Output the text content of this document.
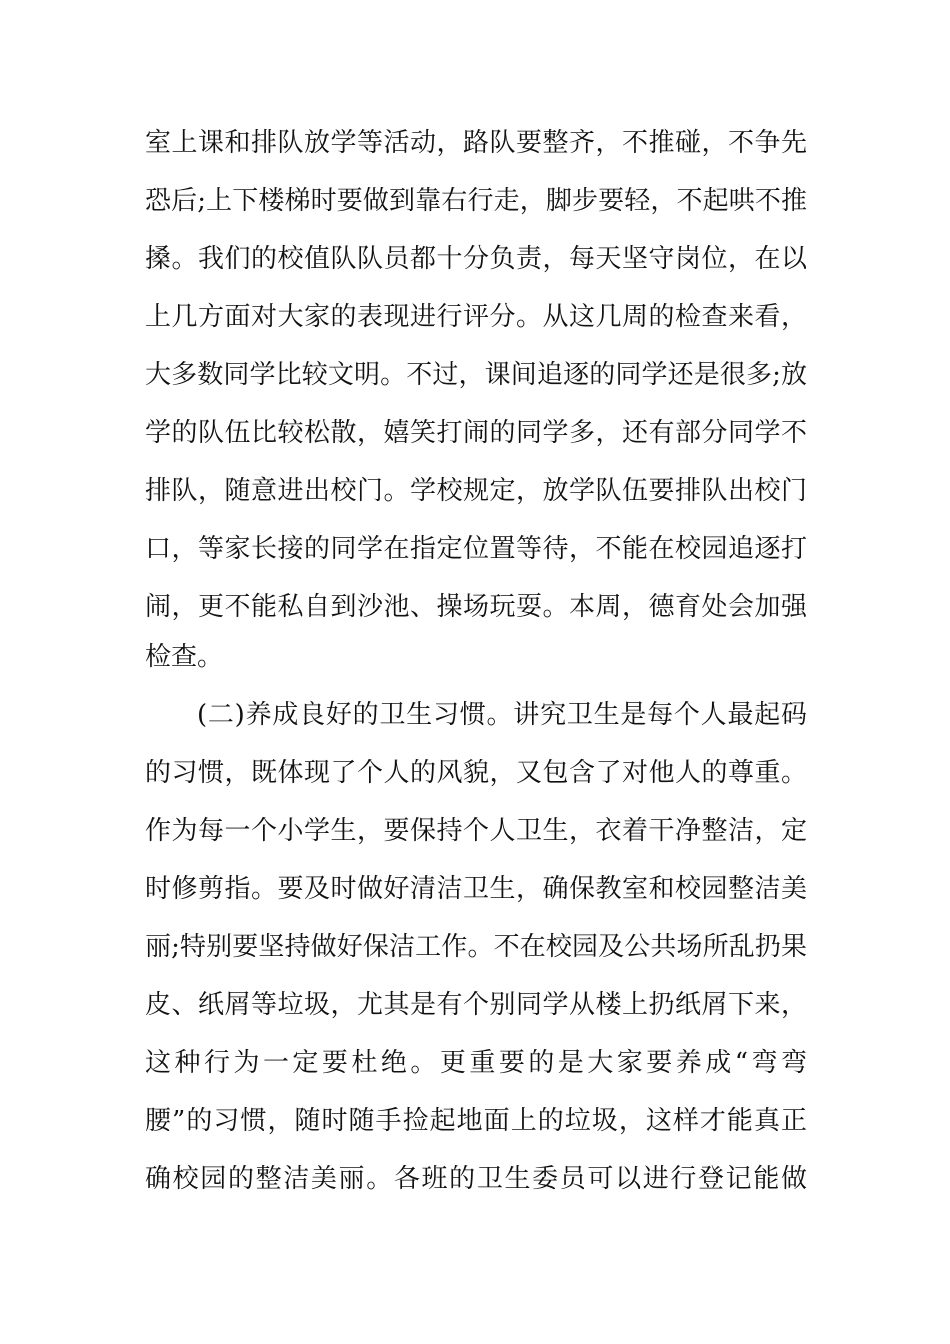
室上课和排队放学等活动，路队要整齐，不推碰，不争先
恐后;上下楼梯时要做到靠右行走，脚步要轻，不起哄不推
搡。我们的校值队队员都十分负责，每天坚守岗位，在以
上几方面对大家的表现进行评分。从这几周的检查来看，
大多数同学比较文明。不过，课间追逐的同学还是很多;放
学的队伍比较松散，嬉笑打闹的同学多，还有部分同学不
排队，随意进出校门。学校规定，放学队伍要排队出校门
口，等家长接的同学在指定位置等待，不能在校园追逐打
闹，更不能私自到沙池、操场玩耍。本周，德育处会加强
检查。
(二)养成良好的卫生习惯。讲究卫生是每个人最起码
的习惯，既体现了个人的风貌，又包含了对他人的尊重。
作为每一个小学生，要保持个人卫生，衣着干净整洁，定
时修剪指。要及时做好清洁卫生，确保教室和校园整洁美
丽;特别要坚持做好保洁工作。不在校园及公共场所乱扔果
皮、纸屑等垃圾，尤其是有个别同学从楼上扔纸屑下来，
这种行为一定要杜绝。更重要的是大家要养成“弯弯
腰”的习惯，随时随手捡起地面上的垃圾，这样才能真正
确校园的整洁美丽。各班的卫生委员可以进行登记能做
